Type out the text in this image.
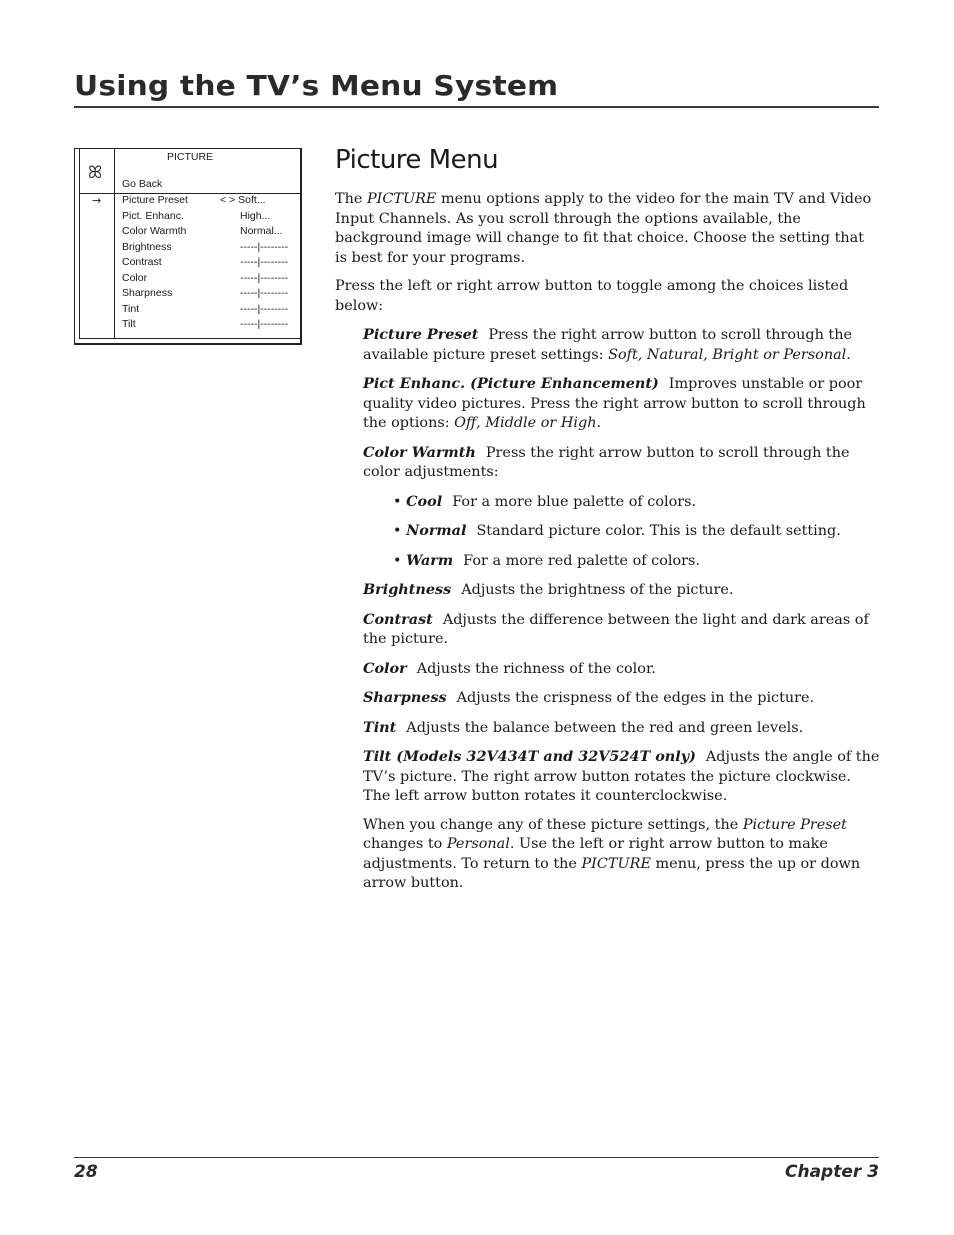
Using the TV’s Menu System
ꕤ
PICTURE
Go Back
→ Picture Preset	< > Soft...
Pict. Enhanc.	High...
Color Warmth	Normal...
Brightness	-----|--------
Contrast	-----|--------
Color	-----|--------
Sharpness	-----|--------
Tint	-----|--------
Tilt	-----|--------
Picture Menu

The PICTURE menu options apply to the video for the main TV and Video Input Channels. As you scroll through the options available, the background image will change to fit that choice. Choose the setting that is best for your programs.

Press the left or right arrow button to toggle among the choices listed below:

Picture Preset Press the right arrow button to scroll through the available picture preset settings: Soft, Natural, Bright or Personal.

Pict Enhanc. (Picture Enhancement) Improves unstable or poor quality video pictures. Press the right arrow button to scroll through the options: Off, Middle or High.

Color Warmth Press the right arrow button to scroll through the color adjustments:

• Cool For a more blue palette of colors.

• Normal Standard picture color. This is the default setting.

• Warm For a more red palette of colors.

Brightness Adjusts the brightness of the picture.

Contrast Adjusts the difference between the light and dark areas of the picture.

Color Adjusts the richness of the color.

Sharpness Adjusts the crispness of the edges in the picture.

Tint Adjusts the balance between the red and green levels.

Tilt (Models 32V434T and 32V524T only) Adjusts the angle of the TV’s picture. The right arrow button rotates the picture clockwise. The left arrow button rotates it counterclockwise.

When you change any of these picture settings, the Picture Preset changes to Personal. Use the left or right arrow button to make adjustments. To return to the PICTURE menu, press the up or down arrow button.

28	Chapter 3
